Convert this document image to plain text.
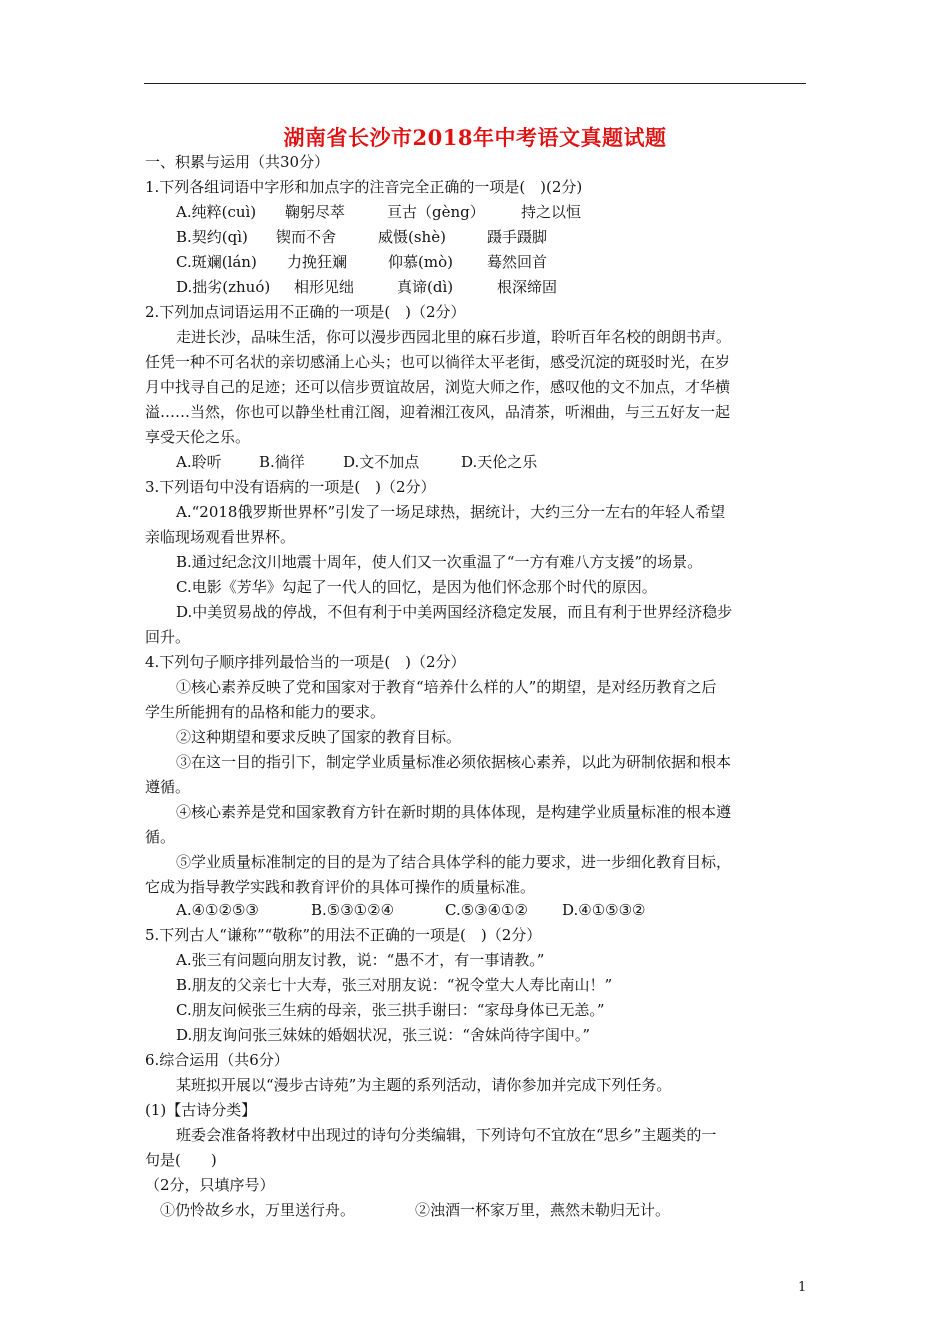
湖南省长沙市2018年中考语文真题试题
一、积累与运用（共30分）
1.下列各组词语中字形和加点字的注音完全正确的一项是(　)(2分)
A.纯粹(cuì) 鞠躬尽萃	亘古（gèng） 持之以恒
B.契约(qì) 锲而不舍	威慑(shè)	蹑手蹑脚
C.斑斓(lán) 力挽狂斓	仰慕(mò) 蓦然回首
D.拙劣(zhuó) 相形见绌	真谛(dì)	根深缔固
2.下列加点词语运用不正确的一项是(　)（2分）
走进长沙，品味生活，你可以漫步西园北里的麻石步道，聆听百年名校的朗朗书声。
任凭一种不可名状的亲切感涌上心头；也可以徜徉太平老街，感受沉淀的斑驳时光，在岁
月中找寻自己的足迹；还可以信步贾谊故居，浏览大师之作，感叹他的文不加点，才华横
溢……当然，你也可以静坐杜甫江阁，迎着湘江夜风，品清茶，听湘曲，与三五好友一起
享受天伦之乐。
A.聆听 B.徜徉	D.文不加点	D.天伦之乐
3.下列语句中没有语病的一项是(　)（2分）
A.“2018俄罗斯世界杯”引发了一场足球热，据统计，大约三分一左右的年轻人希望
亲临现场观看世界杯。
B.通过纪念汶川地震十周年，使人们又一次重温了“一方有难八方支援”的场景。
C.电影《芳华》勾起了一代人的回忆，是因为他们怀念那个时代的原因。
D.中美贸易战的停战，不但有利于中美两国经济稳定发展，而且有利于世界经济稳步
回升。
4.下列句子顺序排列最恰当的一项是(　)（2分）
①核心素养反映了党和国家对于教育“培养什么样的人”的期望，是对经历教育之后
学生所能拥有的品格和能力的要求。
②这种期望和要求反映了国家的教育目标。
③在这一目的指引下，制定学业质量标准必须依据核心素养，以此为研制依据和根本
遵循。
④核心素养是党和国家教育方针在新时期的具体体现，是构建学业质量标准的根本遵
循。
⑤学业质量标准制定的目的是为了结合具体学科的能力要求，进一步细化教育目标，
它成为指导教学实践和教育评价的具体可操作的质量标准。
A.④①②⑤③	B.⑤③①②④	C.⑤③④①② D.④①⑤③②
5.下列古人“谦称”“敬称”的用法不正确的一项是(　)（2分）
A.张三有问题向朋友讨教，说：“愚不才，有一事请教。”
B.朋友的父亲七十大寿，张三对朋友说：“祝令堂大人寿比南山！”
C.朋友问候张三生病的母亲，张三拱手谢曰：“家母身体已无恙。”
D.朋友询问张三妹妹的婚姻状况，张三说：“舍妹尚待字闺中。”
6.综合运用（共6分）
某班拟开展以“漫步古诗苑”为主题的系列活动，请你参加并完成下列任务。
(1)【古诗分类】
班委会准备将教材中出现过的诗句分类编辑，下列诗句不宜放在“思乡”主题类的一
句是(　　)
（2分，只填序号）
①仍怜故乡水，万里送行舟。	②浊酒一杯家万里，燕然未勒归无计。
1
